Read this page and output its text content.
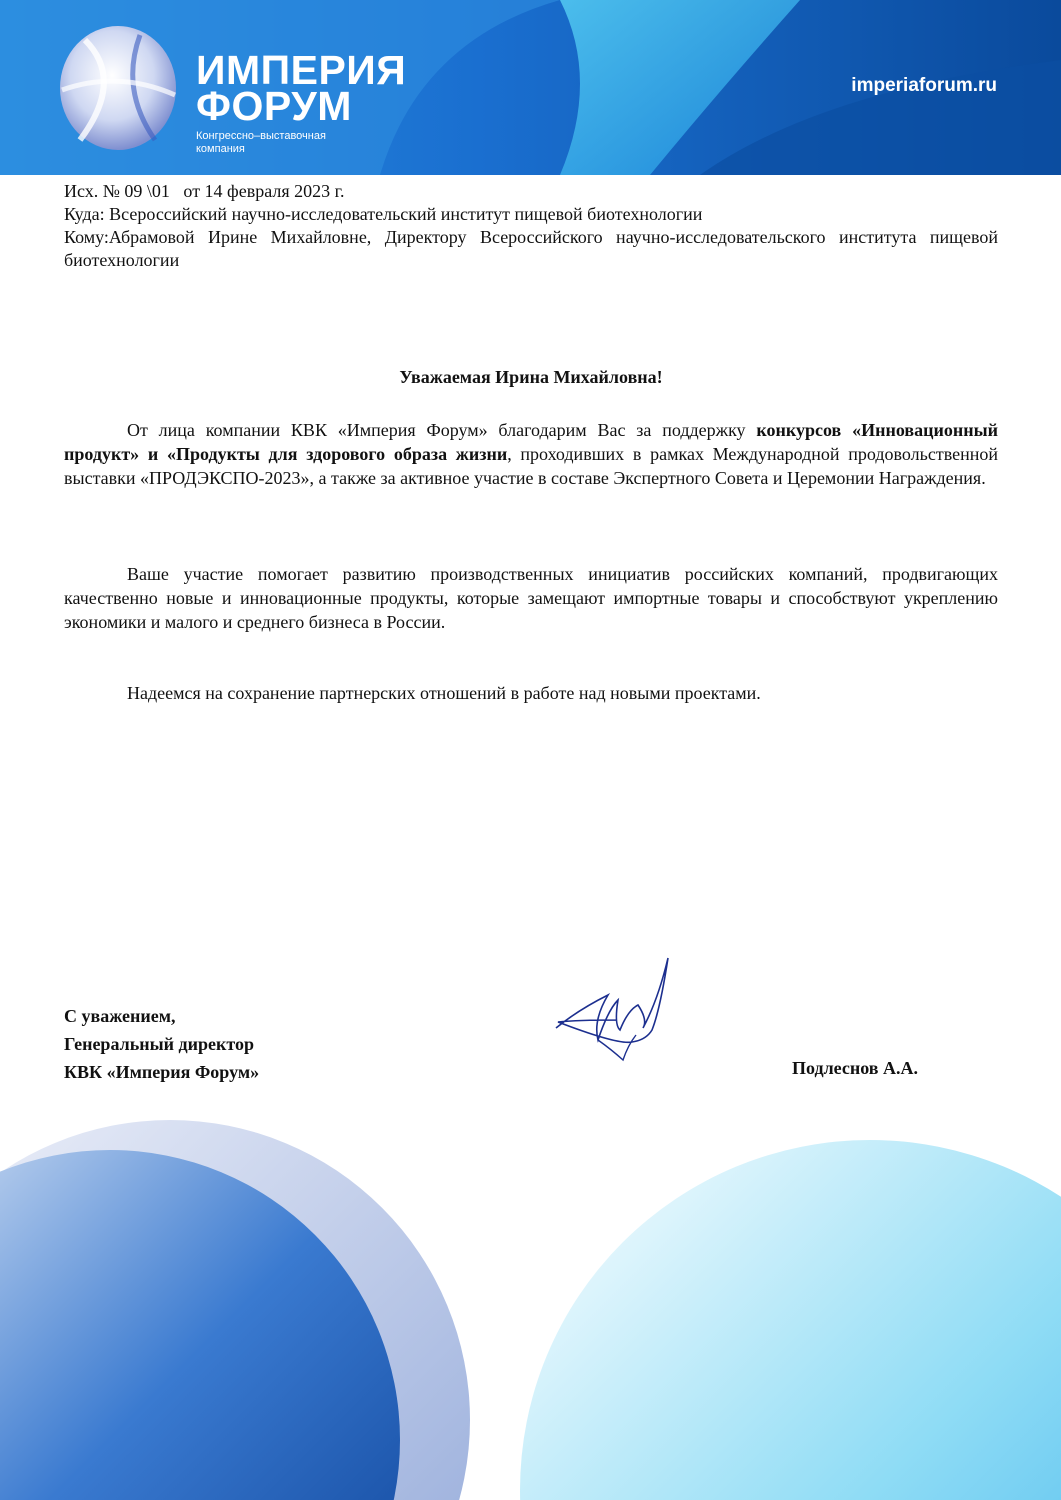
ИМПЕРИЯ
ФОРУМ
Конгрессно–выставочная
компания
imperiaforum.ru

Исх. № 09 \01   от 14 февраля 2023 г.

Куда: Всероссийский научно-исследовательский институт пищевой биотехнологии

Кому:Абрамовой Ирине Михайловне, Директору Всероссийского научно-исследовательского института пищевой биотехнологии

Уважаемая Ирина Михайловна!

От лица компании КВК «Империя Форум» благодарим Вас за поддержку конкурсов «Инновационный продукт» и «Продукты для здорового образа жизни, проходивших в рамках Международной продовольственной выставки «ПРОДЭКСПО-2023», а также за активное участие в составе Экспертного Совета и Церемонии Награждения.

Ваше участие помогает развитию производственных инициатив российских компаний, продвигающих качественно новые и инновационные продукты, которые замещают импортные товары и способствуют укреплению экономики и малого и среднего бизнеса в России.

Надеемся на сохранение партнерских отношений в работе над новыми проектами.

С уважением,
Генеральный директор
КВК «Империя Форум»	Подлеснов А.А.
